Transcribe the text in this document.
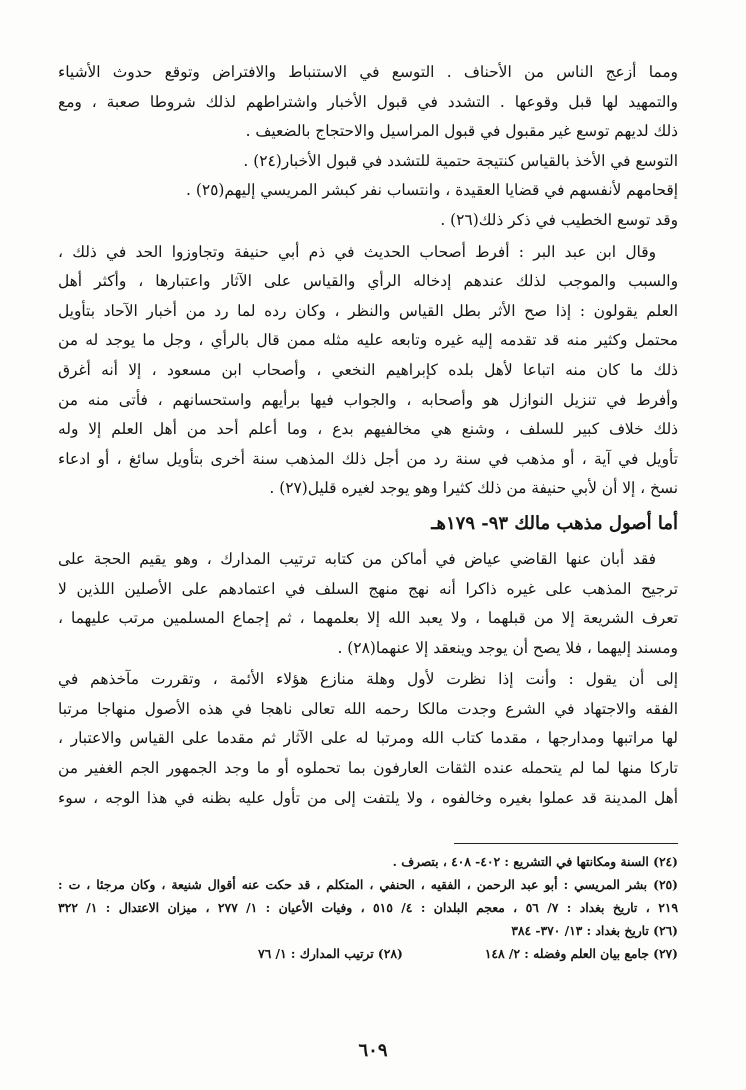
ومما أزعج الناس من الأحناف . التوسع في الاستنباط والافتراض وتوقع حدوث الأشياء
والتمهيد لها قبل وقوعها . التشدد في قبول الأخبار واشتراطهم لذلك شروطا صعبة ، ومع
ذلك لديهم توسع غير مقبول في قبول المراسيل والاحتجاج بالضعيف .
التوسع في الأخذ بالقياس كنتيجة حتمية للتشدد في قبول الأخبار(٢٤) .
إقحامهم لأنفسهم في قضايا العقيدة ، وانتساب نفر كبشر المريسي إليهم(٢٥) .
وقد توسع الخطيب في ذكر ذلك(٢٦) .
وقال ابن عبد البر : أفرط أصحاب الحديث في ذم أبي حنيفة وتجاوزوا الحد في ذلك ،
والسبب والموجب لذلك عندهم إدخاله الرأي والقياس على الآثار واعتبارها ، وأكثر أهل
العلم يقولون : إذا صح الأثر بطل القياس والنظر ، وكان رده لما رد من أخبار الآحاد بتأويل
محتمل وكثير منه قد تقدمه إليه غيره وتابعه عليه مثله ممن قال بالرأي ، وجل ما يوجد له من
ذلك ما كان منه اتباعا لأهل بلده كإبراهيم النخعي ، وأصحاب ابن مسعود ، إلا أنه أغرق
وأفرط في تنزيل النوازل هو وأصحابه ، والجواب فيها برأيهم واستحسانهم ، فأتى منه من
ذلك خلاف كبير للسلف ، وشنع هي مخالفيهم بدع ، وما أعلم أحد من أهل العلم إلا وله
تأويل في آية ، أو مذهب في سنة رد من أجل ذلك المذهب سنة أخرى بتأويل سائغ ، أو ادعاء
نسخ ، إلا أن لأبي حنيفة من ذلك كثيرا وهو يوجد لغيره قليل(٢٧) .
أما أصول مذهب مالك ٩٣- ١٧٩هـ
فقد أبان عنها القاضي عياض في أماكن من كتابه ترتيب المدارك ، وهو يقيم الحجة على
ترجيح المذهب على غيره ذاكرا أنه نهج منهج السلف في اعتمادهم على الأصلين اللذين لا
تعرف الشريعة إلا من قبلهما ، ولا يعبد الله إلا بعلمهما ، ثم إجماع المسلمين مرتب عليهما ،
ومسند إليهما ، فلا يصح أن يوجد وينعقد إلا عنهما(٢٨) .
إلى أن يقول : وأنت إذا نظرت لأول وهلة منازع هؤلاء الأئمة ، وتقررت مآخذهم في
الفقه والاجتهاد في الشرع وجدت مالكا رحمه الله تعالى ناهجا في هذه الأصول منهاجا مرتبا
لها مراتبها ومدارجها ، مقدما كتاب الله ومرتبا له على الآثار ثم مقدما على القياس والاعتبار ،
تاركا منها لما لم يتحمله عنده الثقات العارفون بما تحملوه أو ما وجد الجمهور الجم الغفير من
أهل المدينة قد عملوا بغيره وخالفوه ، ولا يلتفت إلى من تأول عليه بظنه في هذا الوجه ، سوء
(٢٤) السنة ومكانتها في التشريع : ٤٠٢- ٤٠٨ ، بتصرف .
(٢٥) بشر المريسي : أبو عبد الرحمن ، الفقيه ، الحنفي ، المتكلم ، قد حكت عنه أقوال شنيعة ، وكان مرجئا ، ت :
٢١٩ ، تاريخ بغداد : ٧/ ٥٦ ، معجم البلدان : ٤/ ٥١٥ ، وفيات الأعيان : ١/ ٢٧٧ ، ميزان الاعتدال : ١/ ٣٢٢
(٢٦) تاريخ بغداد : ١٣/ ٣٧٠- ٣٨٤
(٢٧) جامع بيان العلم وفضله : ٢/ ١٤٨
(٢٨) ترتيب المدارك : ١/ ٧٦
٦٠٩
